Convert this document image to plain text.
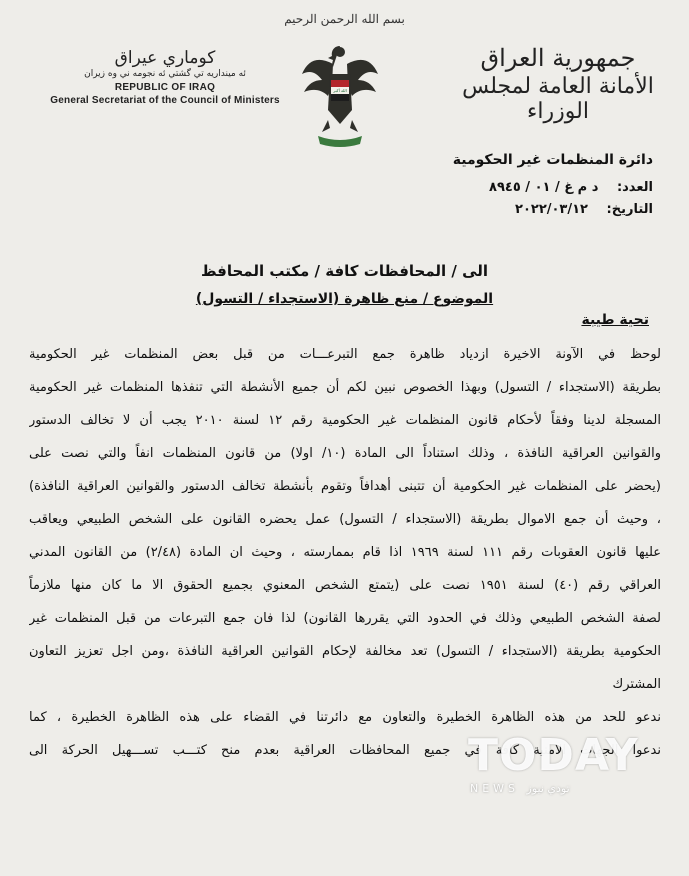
بسم الله الرحمن الرحيم
كوماري عيراق
ئه مینداریه تي گشتي ئه نجومه ني وه زيران
REPUBLIC OF IRAQ
General Secretariat of the Council of Ministers
الله أكبر
جمهورية العراق
الأمانة العامة لمجلس الوزراء
دائرة المنظمات غير الحكومية
العدد: د م غ / ٠١ / ٨٩٤٥
التاريخ: ٢٠٢٢/٠٣/١٢
الى / المحافظات كافة / مكتب المحافظ
الموضوع / منع ظاهرة (الاستجداء / التسول)
تحية طيبة
لوحظ في الآونة الاخيرة ازدياد ظاهرة جمع التبرعـــات من قبل بعض المنظمات غير الحكومية
بطريقة (الاستجداء / التسول) وبهذا الخصوص نبين لكم أن جميع الأنشطة التي تنفذها المنظمات غير الحكومية
المسجلة لدينا وفقاً لأحكام قانون المنظمات غير الحكومية رقم ١٢ لسنة ٢٠١٠ يجب أن لا تخالف الدستور
والقوانين العراقية النافذة ، وذلك استناداً الى المادة (١٠/ اولا) من قانون المنظمات انفاً والتي نصت على
(يحضر على المنظمات غير الحكومية أن تتبنى أهدافاً وتقوم بأنشطة تخالف الدستور والقوانين العراقية النافذة)
، وحيث أن جمع الاموال بطريقة (الاستجداء / التسول) عمل يحضره القانون على الشخص الطبيعي ويعاقب
عليها قانون العقوبات رقم ١١١ لسنة ١٩٦٩ اذا قام بممارسته ، وحيث ان المادة (٢/٤٨) من القانون المدني
العراقي رقم (٤٠) لسنة ١٩٥١ نصت على (يتمتع الشخص المعنوي بجميع الحقوق الا ما كان منها ملازماً
لصفة الشخص الطبيعي وذلك في الحدود التي يقررها القانون) لذا فان جمع التبرعات من قبل المنظمات غير
الحكومية بطريقة (الاستجداء / التسول) تعد مخالفة لإحكام القوانين العراقية النافذة ،ومن اجل تعزيز التعاون
المشترك
ندعو للحد من هذه الظاهرة الخطيرة والتعاون مع دائرتنا في القضاء على هذه الظاهرة الخطيرة ، كما
ندعوا الجهات الامنية كافة في جميع المحافظات العراقية بعدم منح كتـــب تســـهيل الحركة الى
TODAY
NEWS تودي نيوز
